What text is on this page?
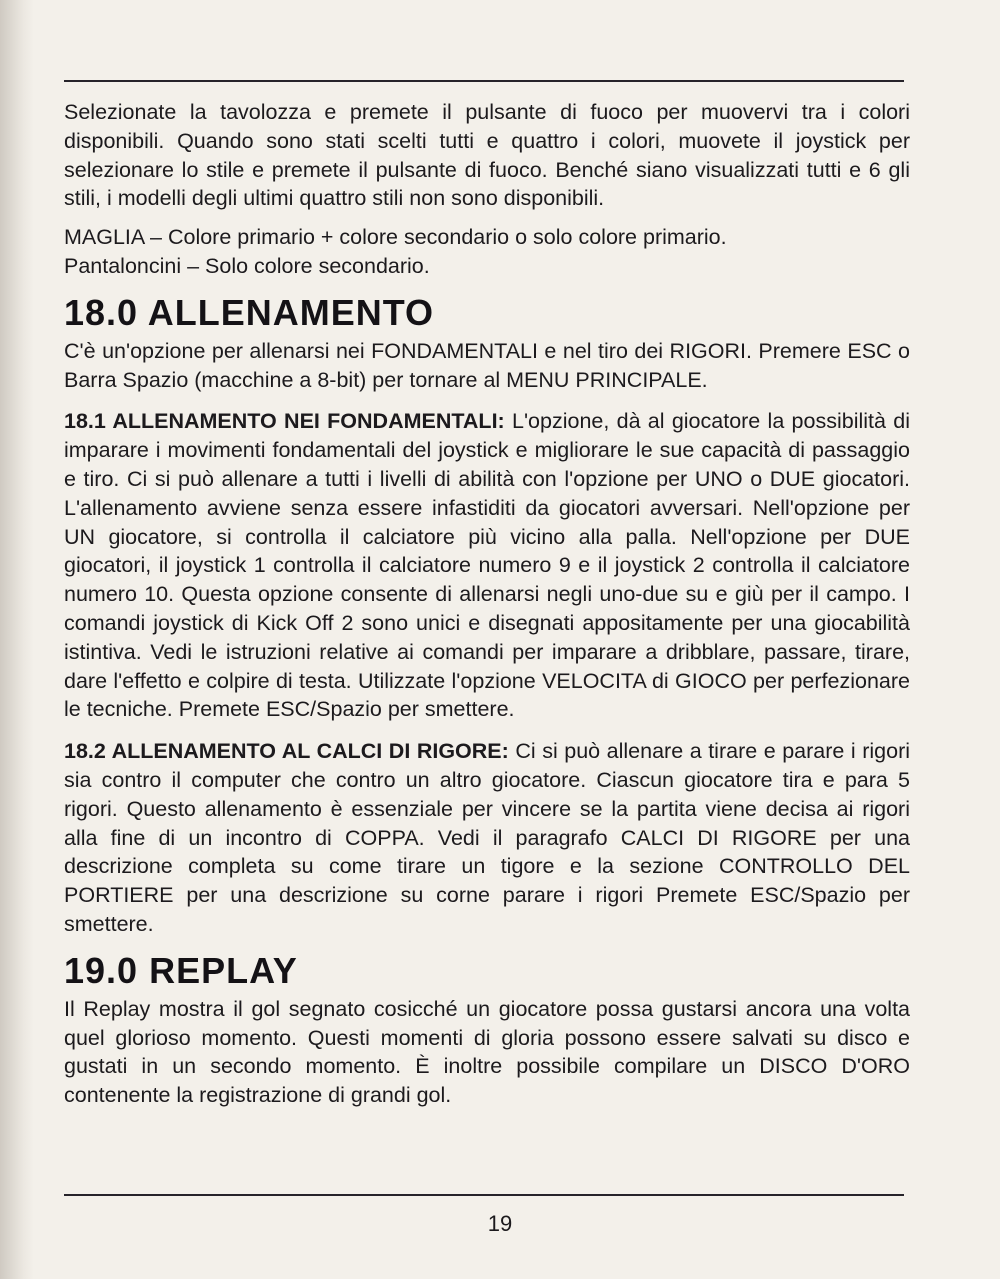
Selezionate la tavolozza e premete il pulsante di fuoco per muovervi tra i colori disponibili. Quando sono stati scelti tutti e quattro i colori, muovete il joystick per selezionare lo stile e premete il pulsante di fuoco. Benché siano visualizzati tutti e 6 gli stili, i modelli degli ultimi quattro stili non sono disponibili.

MAGLIA – Colore primario + colore secondario o solo colore primario.

Pantaloncini – Solo colore secondario.

18.0 ALLENAMENTO

C'è un'opzione per allenarsi nei FONDAMENTALI e nel tiro dei RIGORI. Premere ESC o Barra Spazio (macchine a 8-bit) per tornare al MENU PRINCIPALE.

18.1 ALLENAMENTO NEI FONDAMENTALI: L'opzione, dà al giocatore la possibilità di imparare i movimenti fondamentali del joystick e migliorare le sue capacità di passaggio e tiro. Ci si può allenare a tutti i livelli di abilità con l'opzione per UNO o DUE giocatori. L'allenamento avviene senza essere infastiditi da giocatori avversari. Nell'opzione per UN giocatore, si controlla il calciatore più vicino alla palla. Nell'opzione per DUE giocatori, il joystick 1 controlla il calciatore numero 9 e il joystick 2 controlla il calciatore numero 10. Questa opzione consente di allenarsi negli uno-due su e giù per il campo. I comandi joystick di Kick Off 2 sono unici e disegnati appositamente per una giocabilità istintiva. Vedi le istruzioni relative ai comandi per imparare a dribblare, passare, tirare, dare l'effetto e colpire di testa. Utilizzate l'opzione VELOCITA di GIOCO per perfezionare le tecniche. Premete ESC/Spazio per smettere.

18.2 ALLENAMENTO AL CALCI DI RIGORE: Ci si può allenare a tirare e parare i rigori sia contro il computer che contro un altro giocatore. Ciascun giocatore tira e para 5 rigori. Questo allenamento è essenziale per vincere se la partita viene decisa ai rigori alla fine di un incontro di COPPA. Vedi il paragrafo CALCI DI RIGORE per una descrizione completa su come tirare un tigore e la sezione CONTROLLO DEL PORTIERE per una descrizione su corne parare i rigori Premete ESC/Spazio per smettere.

19.0 REPLAY

Il Replay mostra il gol segnato cosicché un giocatore possa gustarsi ancora una volta quel glorioso momento. Questi momenti di gloria possono essere salvati su disco e gustati in un secondo momento. È inoltre possibile compilare un DISCO D'ORO contenente la registrazione di grandi gol.

19
